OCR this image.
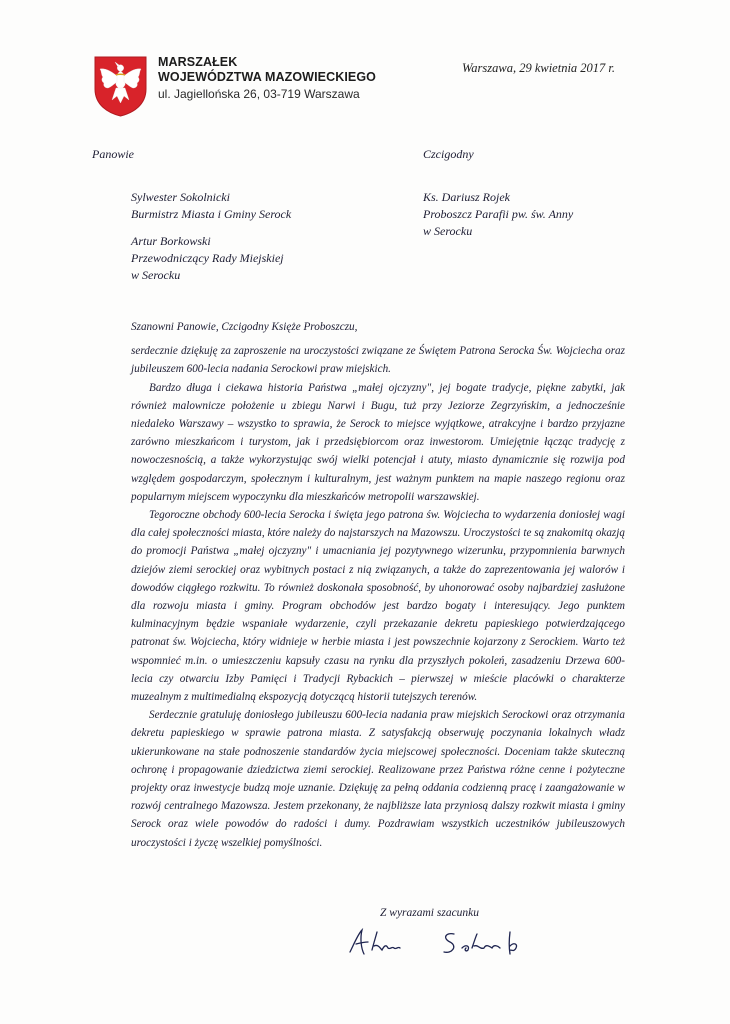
MARSZAŁEK
WOJEWÓDZTWA MAZOWIECKIEGO
ul. Jagiellońska 26, 03-719 Warszawa
Warszawa, 29 kwietnia 2017 r.
Panowie	Czcigodny
Sylwester Sokolnicki
Burmistrz Miasta i Gminy Serock
Artur Borkowski
Przewodniczący Rady Miejskiej
w Serocku
Ks. Dariusz Rojek
Proboszcz Parafii pw. św. Anny
w Serocku

Szanowni Panowie, Czcigodny Księże Proboszczu,

serdecznie dziękuję za zaproszenie na uroczystości związane ze Świętem Patrona Serocka Św. Wojciecha oraz jubileuszem 600-lecia nadania Serockowi praw miejskich.

Bardzo długa i ciekawa historia Państwa „małej ojczyzny", jej bogate tradycje, piękne zabytki, jak również malownicze położenie u zbiegu Narwi i Bugu, tuż przy Jeziorze Zegrzyńskim, a jednocześnie niedaleko Warszawy – wszystko to sprawia, że Serock to miejsce wyjątkowe, atrakcyjne i bardzo przyjazne zarówno mieszkańcom i turystom, jak i przedsiębiorcom oraz inwestorom. Umiejętnie łącząc tradycję z nowoczesnością, a także wykorzystując swój wielki potencjał i atuty, miasto dynamicznie się rozwija pod względem gospodarczym, społecznym i kulturalnym, jest ważnym punktem na mapie naszego regionu oraz popularnym miejscem wypoczynku dla mieszkańców metropolii warszawskiej.

Tegoroczne obchody 600-lecia Serocka i święta jego patrona św. Wojciecha to wydarzenia doniosłej wagi dla całej społeczności miasta, które należy do najstarszych na Mazowszu. Uroczystości te są znakomitą okazją do promocji Państwa „małej ojczyzny" i umacniania jej pozytywnego wizerunku, przypomnienia barwnych dziejów ziemi serockiej oraz wybitnych postaci z nią związanych, a także do zaprezentowania jej walorów i dowodów ciągłego rozkwitu. To również doskonała sposobność, by uhonorować osoby najbardziej zasłużone dla rozwoju miasta i gminy. Program obchodów jest bardzo bogaty i interesujący. Jego punktem kulminacyjnym będzie wspaniałe wydarzenie, czyli przekazanie dekretu papieskiego potwierdzającego patronat św. Wojciecha, który widnieje w herbie miasta i jest powszechnie kojarzony z Serockiem. Warto też wspomnieć m.in. o umieszczeniu kapsuły czasu na rynku dla przyszłych pokoleń, zasadzeniu Drzewa 600-lecia czy otwarciu Izby Pamięci i Tradycji Rybackich – pierwszej w mieście placówki o charakterze muzealnym z multimedialną ekspozycją dotyczącą historii tutejszych terenów.

Serdecznie gratuluję doniosłego jubileuszu 600-lecia nadania praw miejskich Serockowi oraz otrzymania dekretu papieskiego w sprawie patrona miasta. Z satysfakcją obserwuję poczynania lokalnych władz ukierunkowane na stałe podnoszenie standardów życia miejscowej społeczności. Doceniam także skuteczną ochronę i propagowanie dziedzictwa ziemi serockiej. Realizowane przez Państwa różne cenne i pożyteczne projekty oraz inwestycje budzą moje uznanie. Dziękuję za pełną oddania codzienną pracę i zaangażowanie w rozwój centralnego Mazowsza. Jestem przekonany, że najbliższe lata przyniosą dalszy rozkwit miasta i gminy Serock oraz wiele powodów do radości i dumy. Pozdrawiam wszystkich uczestników jubileuszowych uroczystości i życzę wszelkiej pomyślności.

Z wyrazami szacunku
